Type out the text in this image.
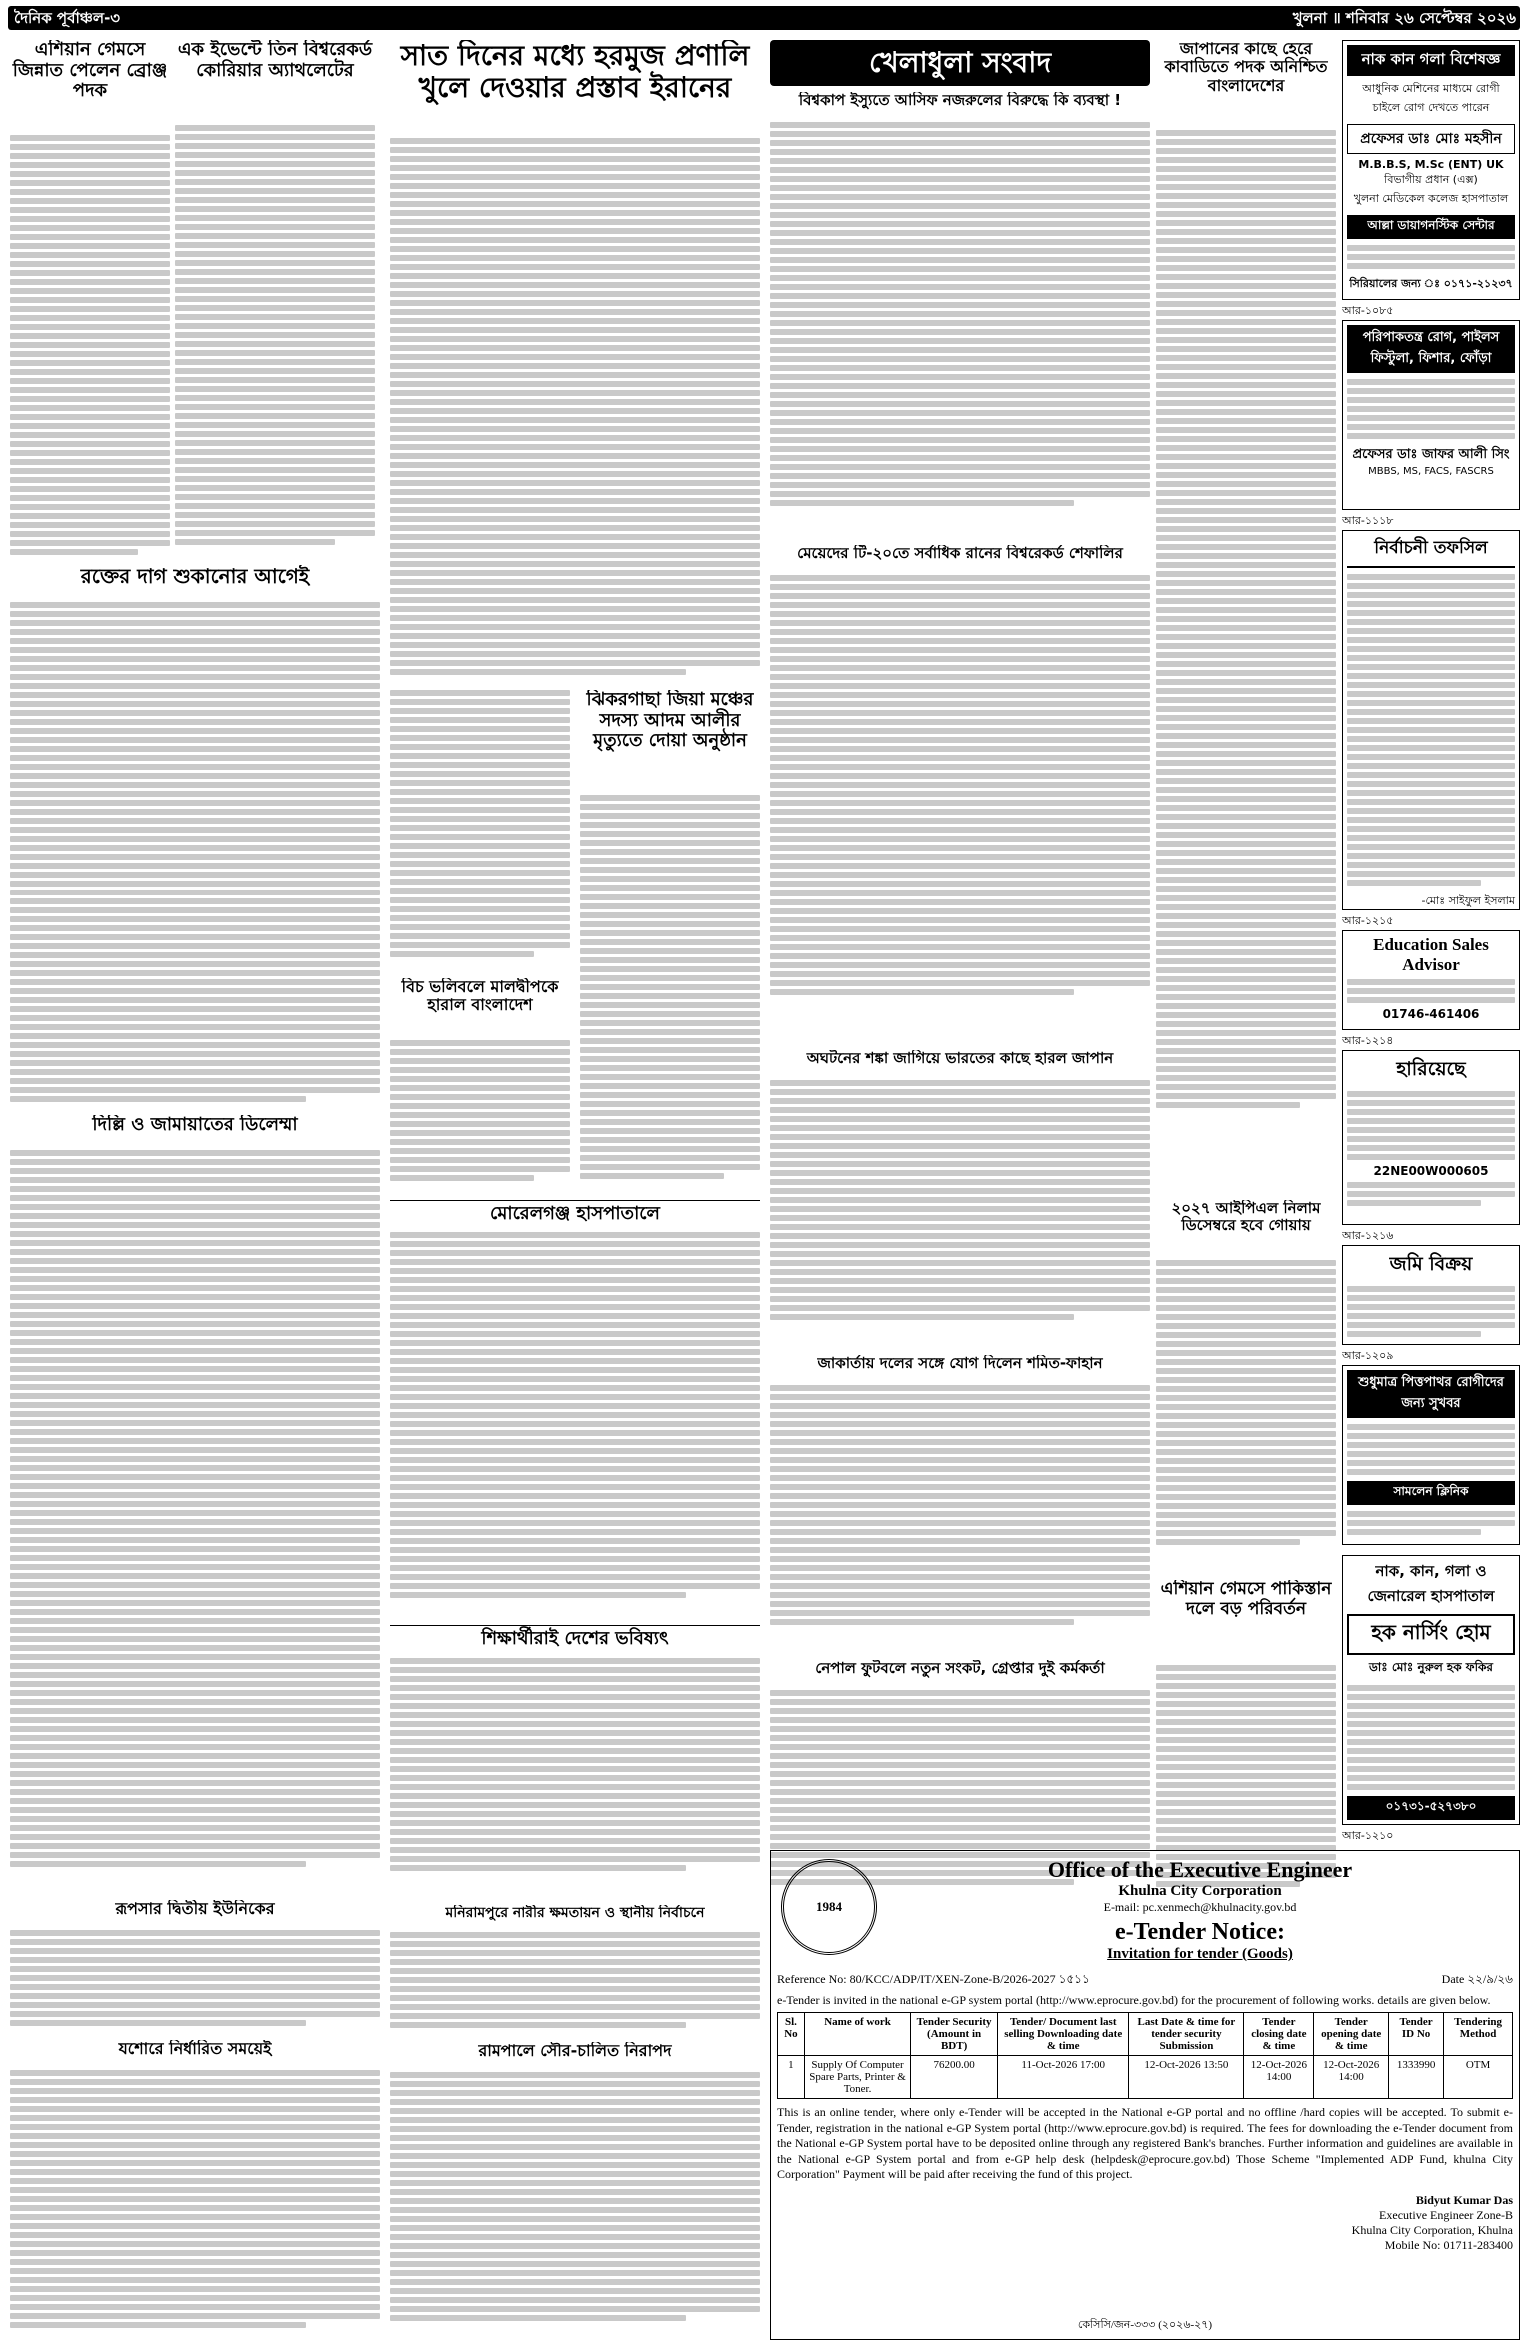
দৈনিক পূর্বাঞ্চল-৩	খুলনা ॥ শনিবার ২৬ সেপ্টেম্বর ২০২৬
এশিয়ান গেমসে জিন্নাত পেলেন ব্রোঞ্জ পদক
এক ইভেন্টে তিন বিশ্বরেকর্ড কোরিয়ার অ্যাথলেটের
রক্তের দাগ শুকানোর আগেই
দিল্লি ও জামায়াতের ডিলেম্মা
রূপসার দ্বিতীয় ইউনিকের
যশোরে নির্ধারিত সময়েই
সাত দিনের মধ্যে হরমুজ প্রণালি খুলে দেওয়ার প্রস্তাব ইরানের
ঝিকরগাছা জিয়া মঞ্চের সদস্য আদম আলীর মৃত্যুতে দোয়া অনুষ্ঠান
বিচ ভলিবলে মালদ্বীপকে হারাল বাংলাদেশ
মোরেলগঞ্জ হাসপাতালে
শিক্ষার্থীরাই দেশের ভবিষ্যৎ
মনিরামপুরে নারীর ক্ষমতায়ন ও স্থানীয় নির্বাচনে
রামপালে সৌর-চালিত নিরাপদ
খেলাধুলা সংবাদ	জাপানের কাছে হেরে কাবাডিতে পদক অনিশ্চিত বাংলাদেশের
বিশ্বকাপ ইস্যুতে আসিফ নজরুলের বিরুদ্ধে কি ব্যবস্থা !
মেয়েদের টি-২০তে সর্বাধিক রানের বিশ্বরেকর্ড শেফালির
অঘটনের শঙ্কা জাগিয়ে ভারতের কাছে হারল জাপান
২০২৭ আইপিএল নিলাম ডিসেম্বরে হবে গোয়ায়
জাকার্তায় দলের সঙ্গে যোগ দিলেন শমিত-ফাহান
এশিয়ান গেমসে পাকিস্তান দলে বড় পরিবর্তন
নেপাল ফুটবলে নতুন সংকট, গ্রেপ্তার দুই কর্মকর্তা
নাক কান গলা বিশেষজ্ঞ
আধুনিক মেশিনের মাধ্যমে রোগী চাইলে রোগ দেখতে পারেন
প্রফেসর ডাঃ মোঃ মহসীন
M.B.B.S, M.Sc (ENT) UK
বিভাগীয় প্রধান (এক্স)
খুলনা মেডিকেল কলেজ হাসপাতাল
আল্লা ডায়াগনস্টিক সেন্টার
সিরিয়ালের জন্য ঃ ০১৭১-২১২৩৭
আর-১০৮৫
পরিপাকতন্ত্র রোগ, পাইলস ফিস্টুলা, ফিশার, ফোঁড়া
প্রফেসর ডাঃ জাফর আলী সিং
MBBS, MS, FACS, FASCRS
আর-১১১৮
নির্বাচনী তফসিল
-মোঃ সাইফুল ইসলাম
আর-১২১৫
Education Sales Advisor
01746-461406
আর-১২১৪
হারিয়েছে
22NE00W000605
আর-১২১৬
জমি বিক্রয়
আর-১২০৯
শুধুমাত্র পিত্তপাথর রোগীদের জন্য সুখবর
সামলেন ক্লিনিক
নাক, কান, গলা ও জেনারেল হাসপাতাল
হক নার্সিং হোম
ডাঃ মোঃ নুরুল হক ফকির
০১৭৩১-৫২৭৩৮০
আর-১২১০
1984
Office of the Executive Engineer
Khulna City Corporation
E-mail: pc.xenmech@khulnacity.gov.bd
e-Tender Notice:
Invitation for tender (Goods)
Reference No: 80/KCC/ADP/IT/XEN-Zone-B/2026-2027 ১৫১১	Date ২২/৯/২৬
e-Tender is invited in the national e-GP system portal (http://www.eprocure.gov.bd) for the procurement of following works. details are given below.
Sl. No	Name of work	Tender Security (Amount in BDT)	Tender/ Document last selling Downloading date & time	Last Date & time for tender security Submission	Tender closing date & time	Tender opening date & time	Tender ID No	Tendering Method
1	Supply Of Computer Spare Parts, Printer & Toner.	76200.00	11-Oct-2026 17:00	12-Oct-2026 13:50	12-Oct-2026 14:00	12-Oct-2026 14:00	1333990	OTM
This is an online tender, where only e-Tender will be accepted in the National e-GP portal and no offline /hard copies will be accepted. To submit e-Tender, registration in the national e-GP System portal (http://www.eprocure.gov.bd) is required. The fees for downloading the e-Tender document from the National e-GP System portal have to be deposited online through any registered Bank's branches. Further information and guidelines are available in the National e-GP System portal and from e-GP help desk (helpdesk@eprocure.gov.bd) Those Scheme "Implemented ADP Fund, khulna City Corporation" Payment will be paid after receiving the fund of this project.
Bidyut Kumar Das
Executive Engineer Zone-B
Khulna City Corporation, Khulna
Mobile No: 01711-283400
কেসিসি/জন-৩৩৩ (২০২৬-২৭)
